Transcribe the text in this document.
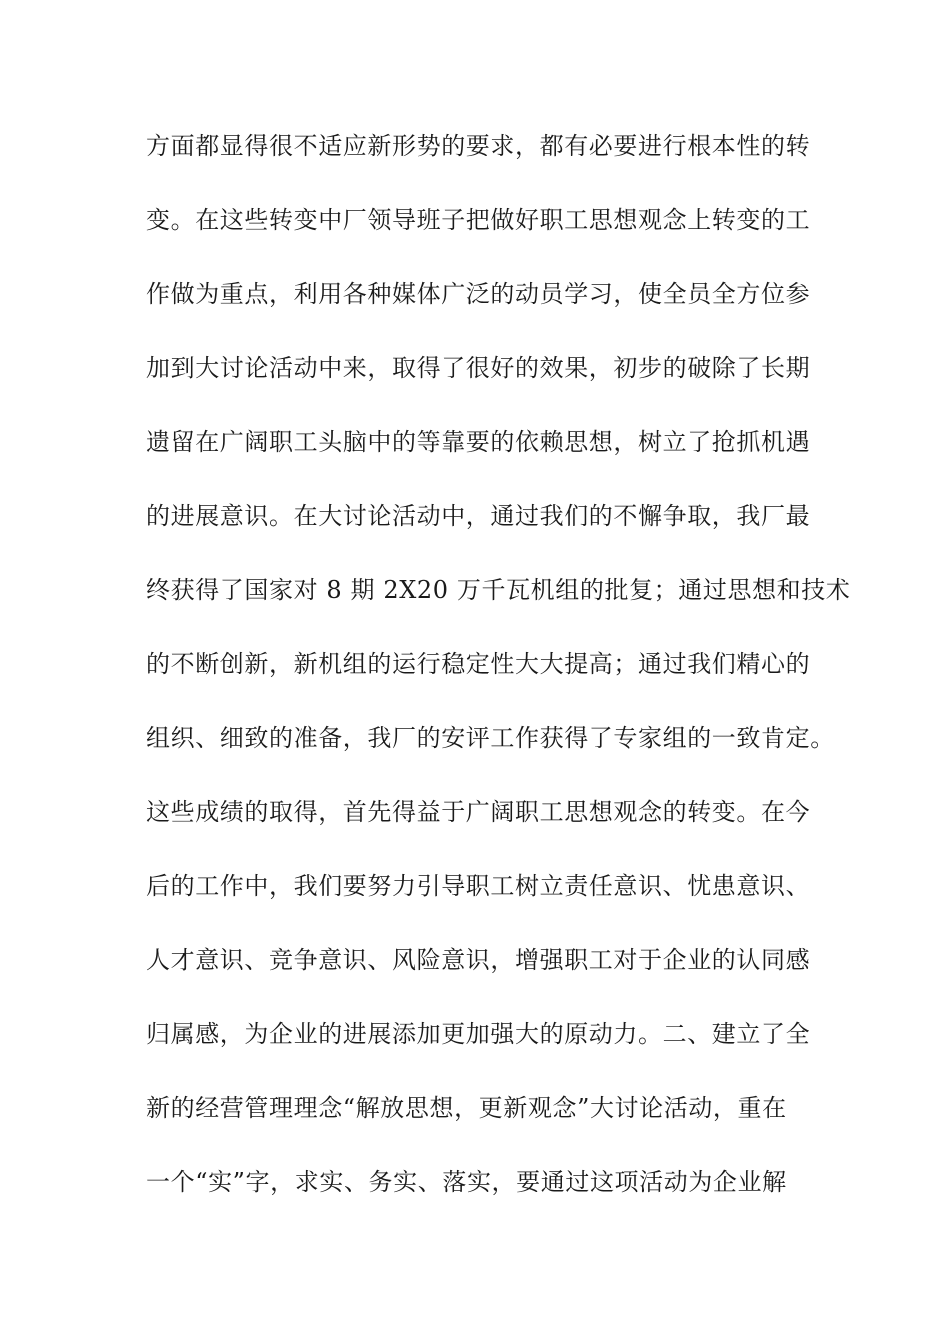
方面都显得很不适应新形势的要求，都有必要进行根本性的转
变。在这些转变中厂领导班子把做好职工思想观念上转变的工
作做为重点，利用各种媒体广泛的动员学习，使全员全方位参
加到大讨论活动中来，取得了很好的效果，初步的破除了长期
遗留在广阔职工头脑中的等靠要的依赖思想，树立了抢抓机遇
的进展意识。在大讨论活动中，通过我们的不懈争取，我厂最
终获得了国家对 8 期 2X20 万千瓦机组的批复；通过思想和技术
的不断创新，新机组的运行稳定性大大提高；通过我们精心的
组织、细致的准备，我厂的安评工作获得了专家组的一致肯定。
这些成绩的取得，首先得益于广阔职工思想观念的转变。在今
后的工作中，我们要努力引导职工树立责任意识、忧患意识、
人才意识、竞争意识、风险意识，增强职工对于企业的认同感
归属感，为企业的进展添加更加强大的原动力。二、建立了全
新的经营管理理念“解放思想，更新观念”大讨论活动，重在
一个“实”字，求实、务实、落实，要通过这项活动为企业解
